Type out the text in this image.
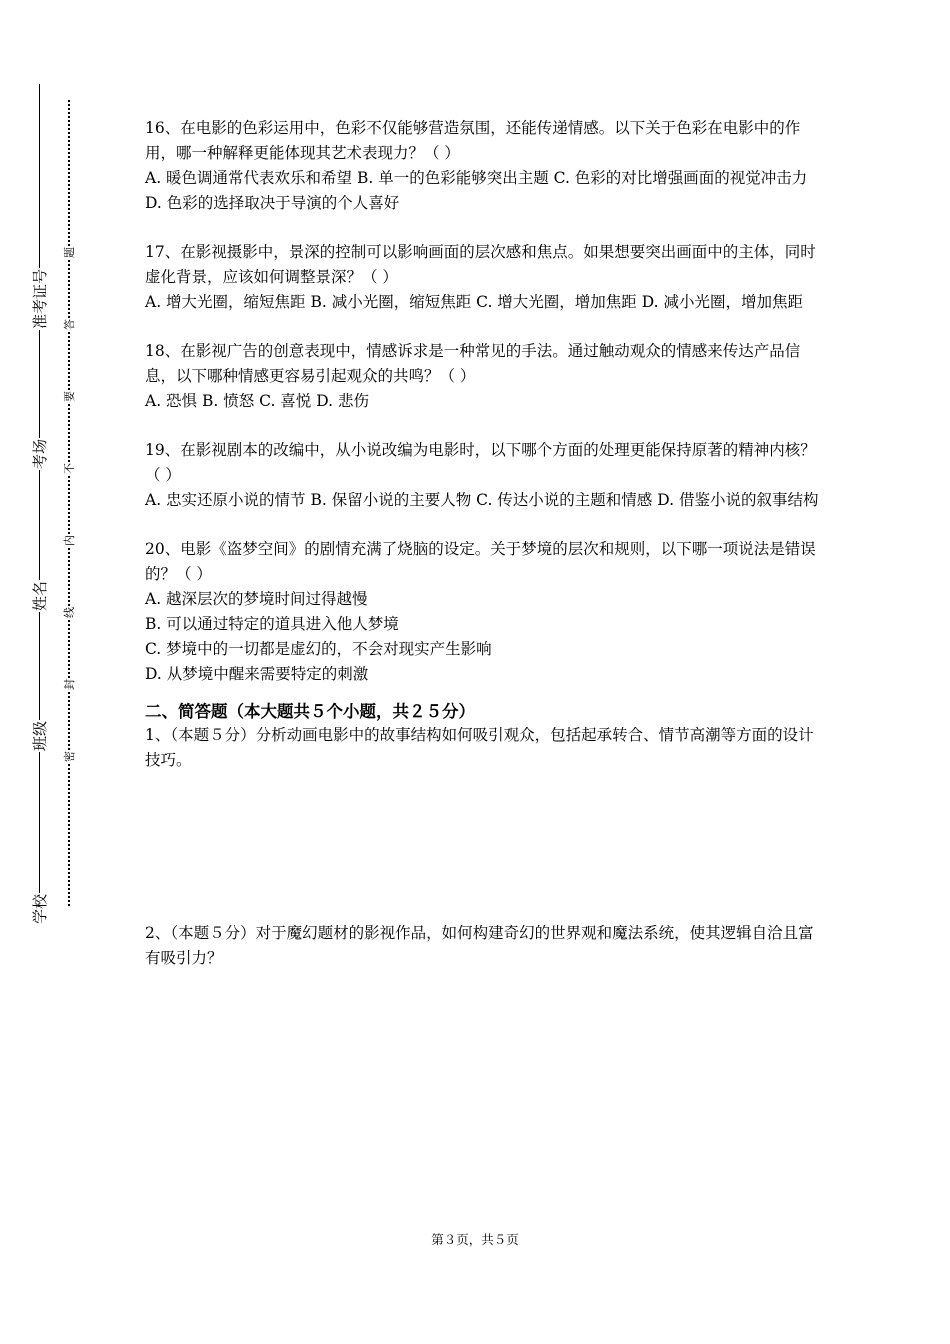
准考证号
考场
姓名
班级
学校
题
答
要
不
内
线
封
密

16、在电影的色彩运用中，色彩不仅能够营造氛围，还能传递情感。以下关于色彩在电影中的作用，哪一种解释更能体现其艺术表现力？（ ）

A. 暖色调通常代表欢乐和希望 B. 单一的色彩能够突出主题 C. 色彩的对比增强画面的视觉冲击力 D. 色彩的选择取决于导演的个人喜好

17、在影视摄影中，景深的控制可以影响画面的层次感和焦点。如果想要突出画面中的主体，同时虚化背景，应该如何调整景深？（ ）

A. 增大光圈，缩短焦距 B. 减小光圈，缩短焦距 C. 增大光圈，增加焦距 D. 减小光圈，增加焦距

18、在影视广告的创意表现中，情感诉求是一种常见的手法。通过触动观众的情感来传达产品信息，以下哪种情感更容易引起观众的共鸣？（ ）

A. 恐惧 B. 愤怒 C. 喜悦 D. 悲伤

19、在影视剧本的改编中，从小说改编为电影时，以下哪个方面的处理更能保持原著的精神内核？（ ）

A. 忠实还原小说的情节 B. 保留小说的主要人物 C. 传达小说的主题和情感 D. 借鉴小说的叙事结构

20、电影《盗梦空间》的剧情充满了烧脑的设定。关于梦境的层次和规则，以下哪一项说法是错误的？（ ）

A. 越深层次的梦境时间过得越慢

B. 可以通过特定的道具进入他人梦境

C. 梦境中的一切都是虚幻的，不会对现实产生影响

D. 从梦境中醒来需要特定的刺激

二、简答题（本大题共５个小题，共２５分）

1、（本题５分）分析动画电影中的故事结构如何吸引观众，包括起承转合、情节高潮等方面的设计技巧。

2、（本题５分）对于魔幻题材的影视作品，如何构建奇幻的世界观和魔法系统，使其逻辑自洽且富有吸引力？

第３页，共５页
